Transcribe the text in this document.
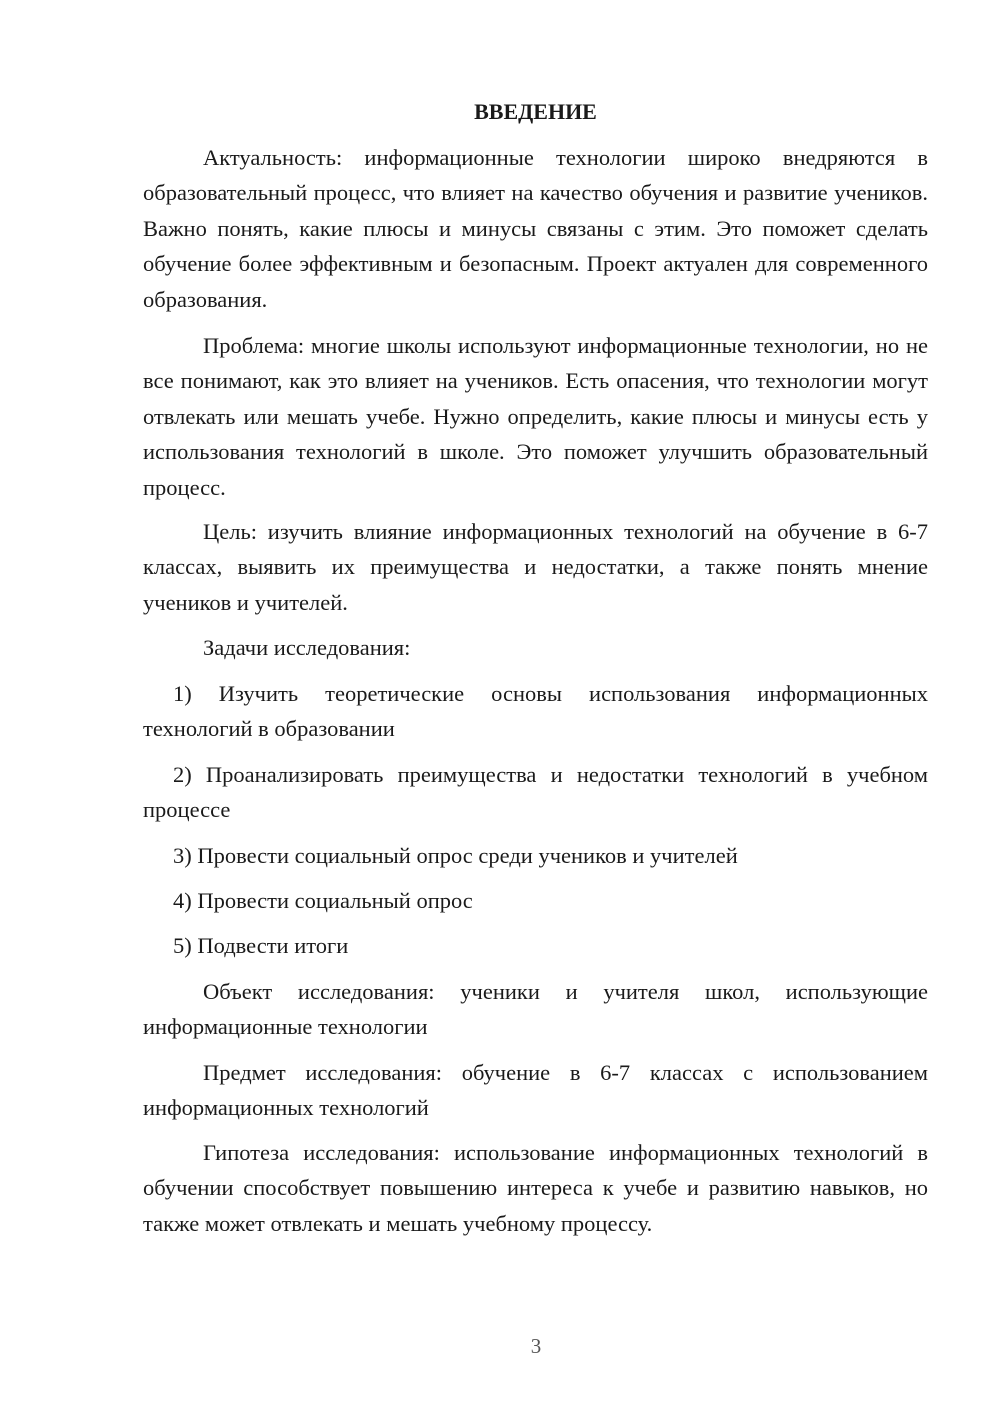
ВВЕДЕНИЕ

Актуальность: информационные технологии широко внедряются в образовательный процесс, что влияет на качество обучения и развитие учеников. Важно понять, какие плюсы и минусы связаны с этим. Это поможет сделать обучение более эффективным и безопасным. Проект актуален для современного образования.

Проблема: многие школы используют информационные технологии, но не все понимают, как это влияет на учеников. Есть опасения, что технологии могут отвлекать или мешать учебе. Нужно определить, какие плюсы и минусы есть у использования технологий в школе. Это поможет улучшить образовательный процесс.

Цель: изучить влияние информационных технологий на обучение в 6-7 классах, выявить их преимущества и недостатки, а также понять мнение учеников и учителей.

Задачи исследования:

1) Изучить теоретические основы использования информационных технологий в образовании

2) Проанализировать преимущества и недостатки технологий в учебном процессе

3) Провести социальный опрос среди учеников и учителей

4) Провести социальный опрос

5) Подвести итоги

Объект исследования: ученики и учителя школ, использующие информационные технологии

Предмет исследования: обучение в 6-7 классах с использованием информационных технологий

Гипотеза исследования: использование информационных технологий в обучении способствует повышению интереса к учебе и развитию навыков, но также может отвлекать и мешать учебному процессу.

3
